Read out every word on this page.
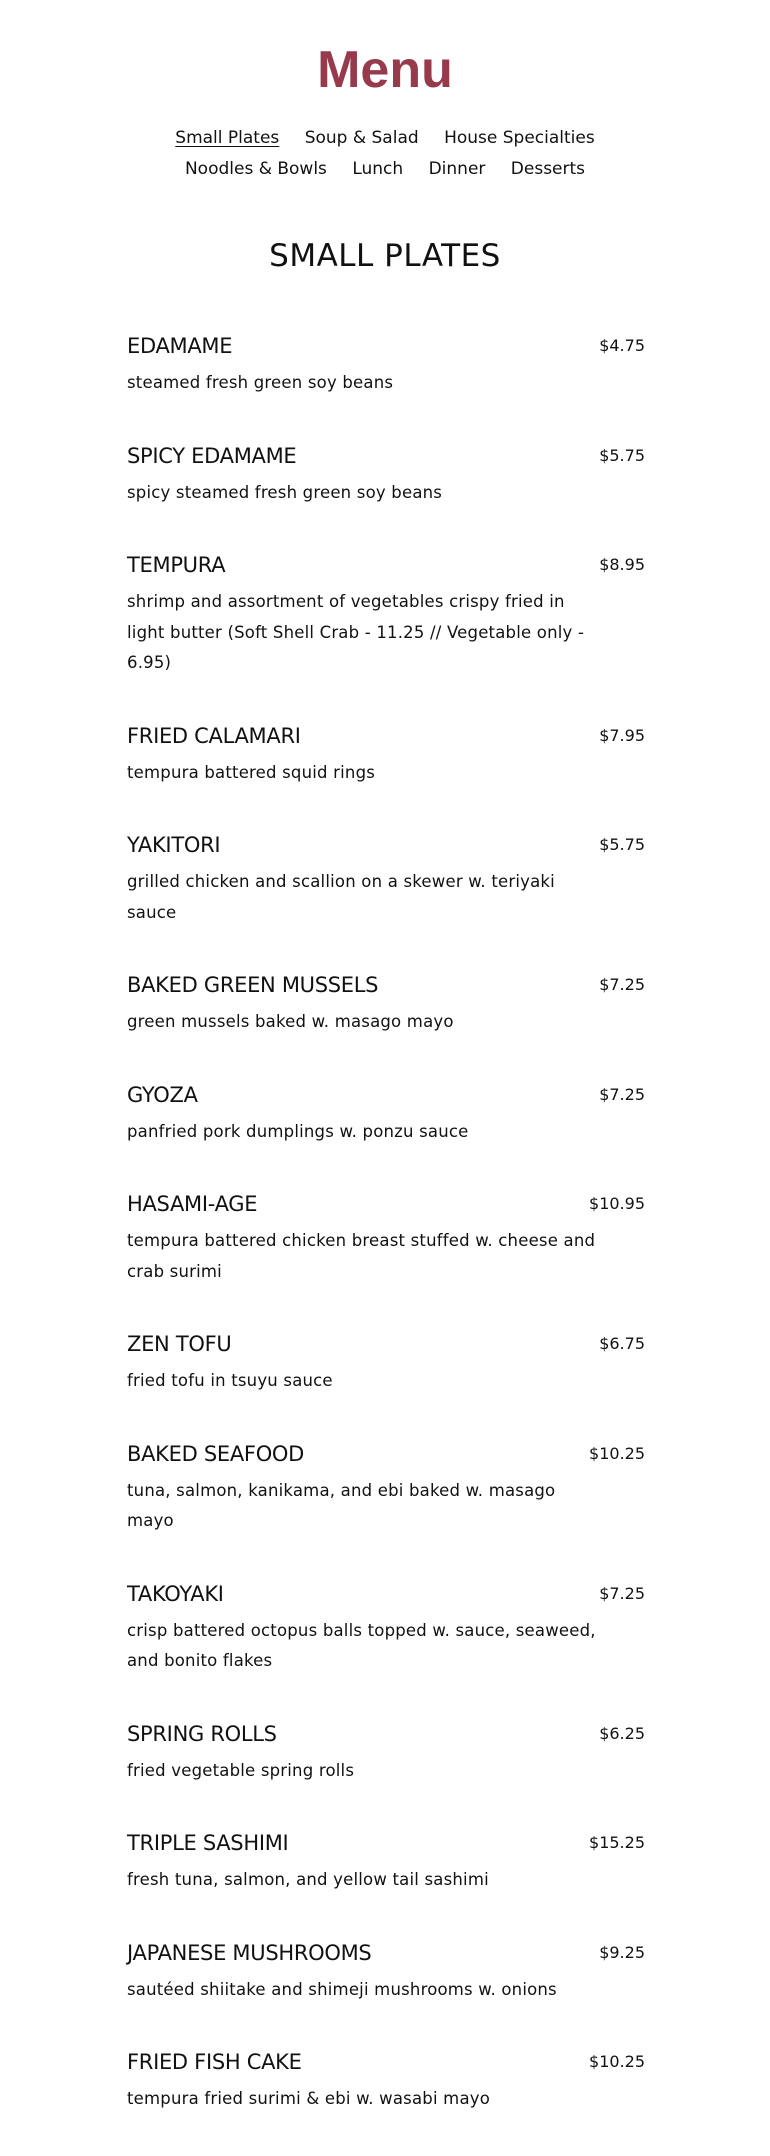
Menu
Small Plates Soup & Salad House Specialties
Noodles & Bowls Lunch Dinner Desserts
SMALL PLATES
EDAMAME	$4.75
steamed fresh green soy beans
SPICY EDAMAME	$5.75
spicy steamed fresh green soy beans
TEMPURA	$8.95
shrimp and assortment of vegetables crispy fried in light butter (Soft Shell Crab - 11.25 // Vegetable only - 6.95)
FRIED CALAMARI	$7.95
tempura battered squid rings
YAKITORI	$5.75
grilled chicken and scallion on a skewer w. teriyaki sauce
BAKED GREEN MUSSELS	$7.25
green mussels baked w. masago mayo
GYOZA	$7.25
panfried pork dumplings w. ponzu sauce
HASAMI-AGE	$10.95
tempura battered chicken breast stuffed w. cheese and crab surimi
ZEN TOFU	$6.75
fried tofu in tsuyu sauce
BAKED SEAFOOD	$10.25
tuna, salmon, kanikama, and ebi baked w. masago mayo
TAKOYAKI	$7.25
crisp battered octopus balls topped w. sauce, seaweed, and bonito flakes
SPRING ROLLS	$6.25
fried vegetable spring rolls
TRIPLE SASHIMI	$15.25
fresh tuna, salmon, and yellow tail sashimi
JAPANESE MUSHROOMS	$9.25
sautéed shiitake and shimeji mushrooms w. onions
FRIED FISH CAKE	$10.25
tempura fried surimi & ebi w. wasabi mayo
